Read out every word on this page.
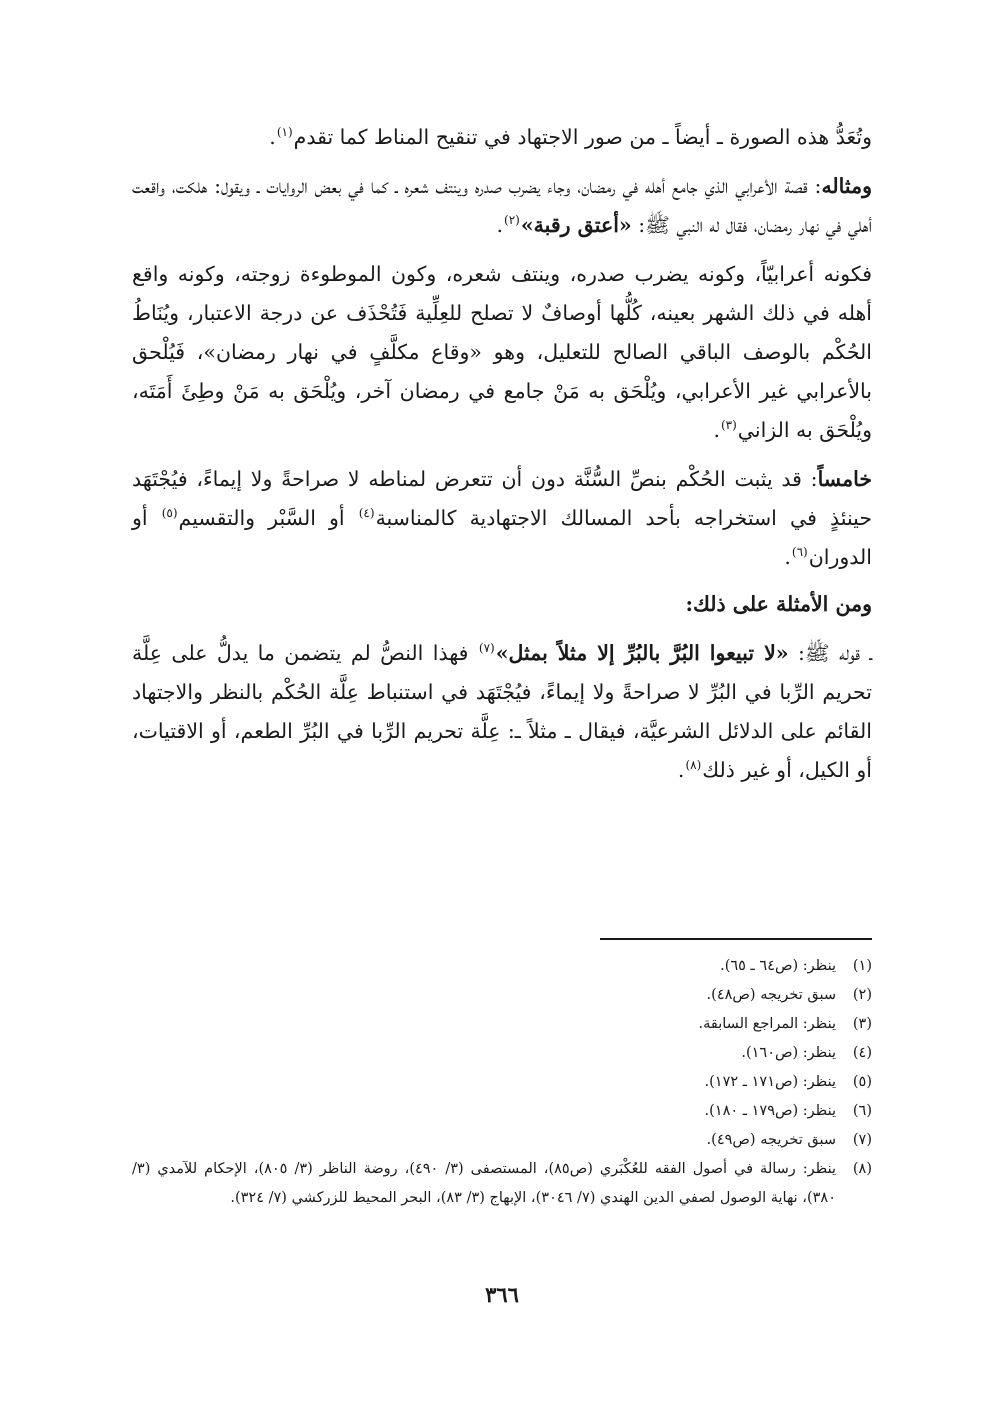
وتُعَدُّ هذه الصورة ـ أيضاً ـ من صور الاجتهاد في تنقيح المناط كما تقدم$^{(١)}$.

ومثاله: قصة الأعرابي الذي جامع أهله في رمضان، وجاء يضرب صدره وينتف شعره ـ كما في بعض الروايات ـ ويقول: هلكت، واقعت أهلي في نهار رمضان، فقال له النبي ﷺ: «أعتق رقبة»$^{(٢)}$.

فكونه أعرابيّاً، وكونه يضرب صدره، وينتف شعره، وكون الموطوءة زوجته، وكونه واقع أهله في ذلك الشهر بعينه، كُلُّها أوصافٌ لا تصلح للعِلِّية فَتُحْذَف عن درجة الاعتبار، ويُنَاطُ الحُكْم بالوصف الباقي الصالح للتعليل، وهو «وقاع مكلَّفٍ في نهار رمضان»، فَيُلْحق بالأعرابي غير الأعرابي، ويُلْحَق به مَنْ جامع في رمضان آخر، ويُلْحَق به مَنْ وطِئَ أَمَتَه، ويُلْحَق به الزاني$^{(٣)}$.

خامساً: قد يثبت الحُكْم بنصِّ السُّنَّة دون أن تتعرض لمناطه لا صراحةً ولا إيماءً، فيُجْتَهَد حينئذٍ في استخراجه بأحد المسالك الاجتهادية كالمناسبة$^{(٤)}$ أو السَّبْر والتقسيم$^{(٥)}$ أو الدوران$^{(٦)}$.

ومن الأمثلة على ذلك:

ـ قوله ﷺ: «لا تبيعوا البُرَّ بالبُرِّ إلا مثلاً بمثل»$^{(٧)}$ فهذا النصُّ لم يتضمن ما يدلُّ على عِلَّة تحريم الرِّبا في البُرِّ لا صراحةً ولا إيماءً، فيُجْتَهَد في استنباط عِلَّة الحُكْم بالنظر والاجتهاد القائم على الدلائل الشرعيَّة، فيقال ـ مثلاً ـ: عِلَّة تحريم الرِّبا في البُرِّ الطعم، أو الاقتيات، أو الكيل، أو غير ذلك$^{(٨)}$.

(١)
ينظر: (ص٦٤ ـ ٦٥).
(٢)
سبق تخريجه (ص٤٨).
(٣)
ينظر: المراجع السابقة.
(٤)
ينظر: (ص١٦٠).
(٥)
ينظر: (ص١٧١ ـ ١٧٢).
(٦)
ينظر: (ص١٧٩ ـ ١٨٠).
(٧)
سبق تخريجه (ص٤٩).
(٨)
ينظر: رسالة في أصول الفقه للعُكْبَري (ص٨٥)، المستصفى (٣/ ٤٩٠)، روضة الناظر (٣/ ٨٠٥)، الإحكام للآمدي (٣/ ٣٨٠)، نهاية الوصول لصفي الدين الهندي (٧/ ٣٠٤٦)، الإبهاج (٣/ ٨٣)، البحر المحيط للزركشي (٧/ ٣٢٤).
٣٦٦
